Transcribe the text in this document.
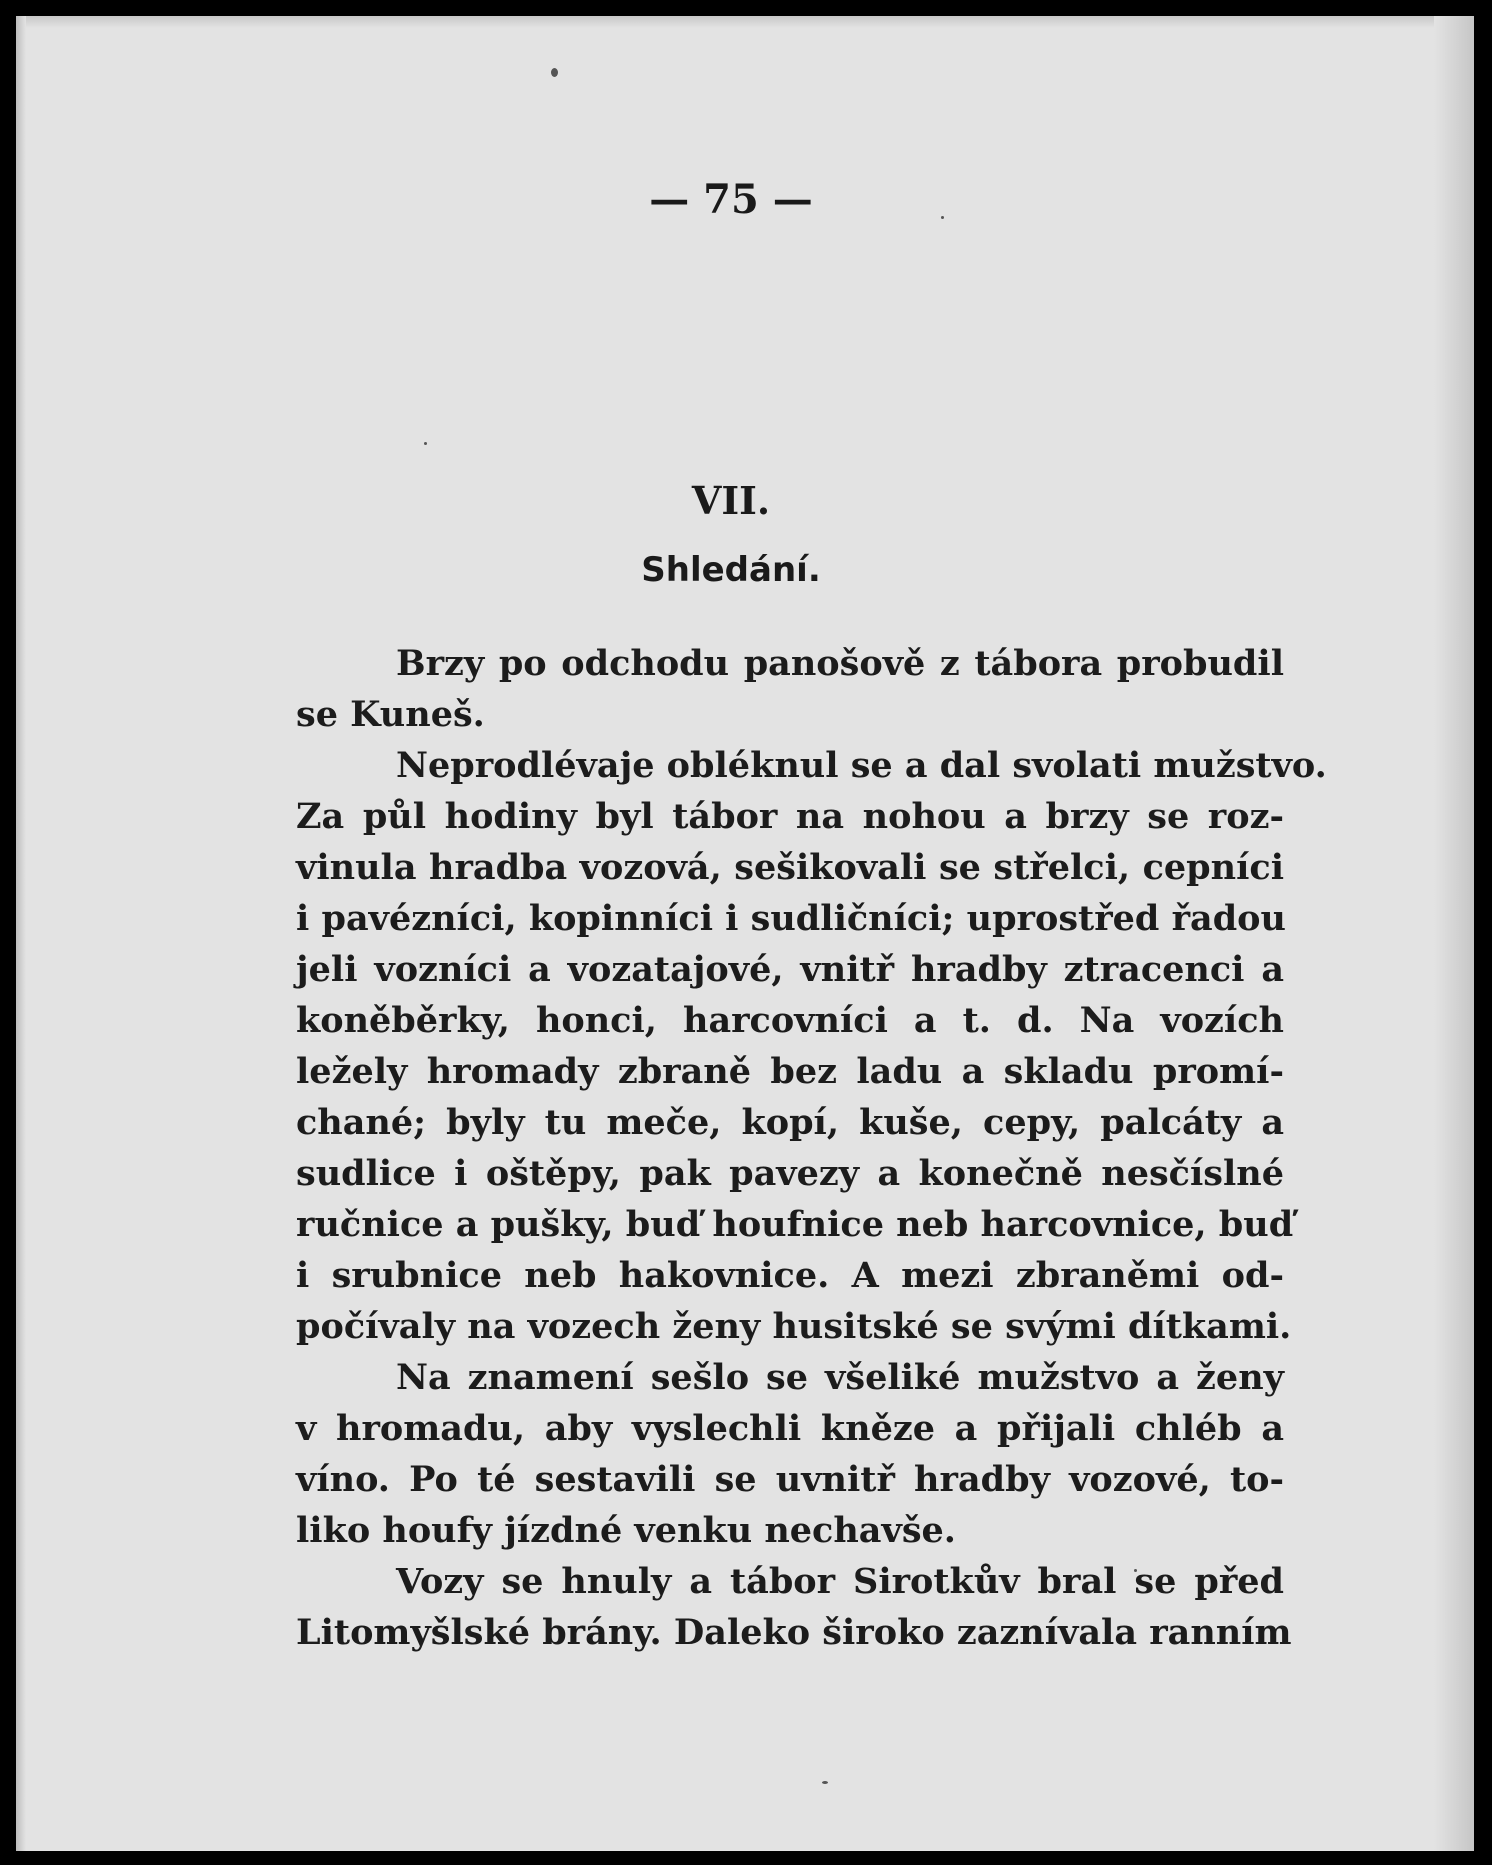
— 75 —

VII.

Shledání.

Brzy po odchodu panošově z tábora probudil
se Kuneš.

Neprodlévaje obléknul se a dal svolati mužstvo.
Za půl hodiny byl tábor na nohou a brzy se roz-
vinula hradba vozová, sešikovali se střelci, cepníci
i pavézníci, kopinníci i sudličníci; uprostřed řadou
jeli vozníci a vozatajové, vnitř hradby ztracenci a
koněběrky, honci, harcovníci a t. d. Na vozích
ležely hromady zbraně bez ladu a skladu promí-
chané; byly tu meče, kopí, kuše, cepy, palcáty a
sudlice i oštěpy, pak pavezy a konečně nesčíslné
ručnice a pušky, buď houfnice neb harcovnice, buď
i srubnice neb hakovnice. A mezi zbraněmi od-
počívaly na vozech ženy husitské se svými dítkami.

Na znamení sešlo se všeliké mužstvo a ženy
v hromadu, aby vyslechli kněze a přijali chléb a
víno. Po té sestavili se uvnitř hradby vozové, to-
liko houfy jízdné venku nechavše.

Vozy se hnuly a tábor Sirotkův bral se před
Litomyšlské brány. Daleko široko zaznívala ranním
